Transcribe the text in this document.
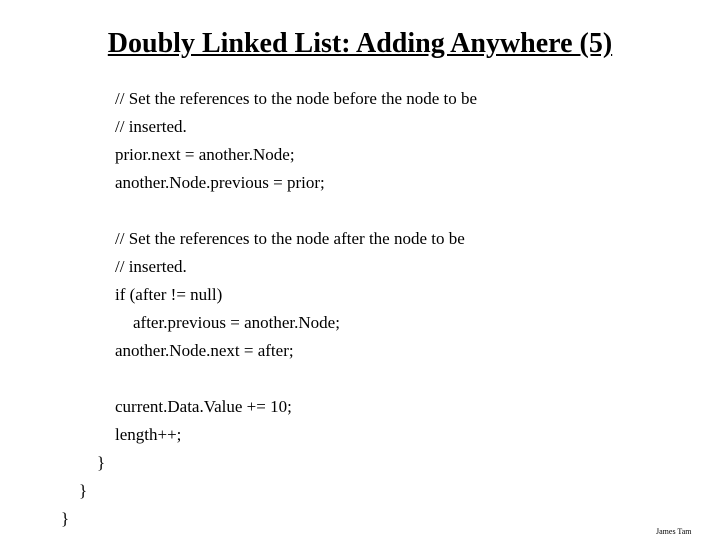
Doubly Linked List: Adding Anywhere (5)
// Set the references to the node before the node to be
// inserted.
prior.next = another.Node;
another.Node.previous = prior;
// Set the references to the node after the node to be
// inserted.
if (after != null)
after.previous = another.Node;
another.Node.next = after;
current.Data.Value += 10;
length++;
}
}
}
James Tam
